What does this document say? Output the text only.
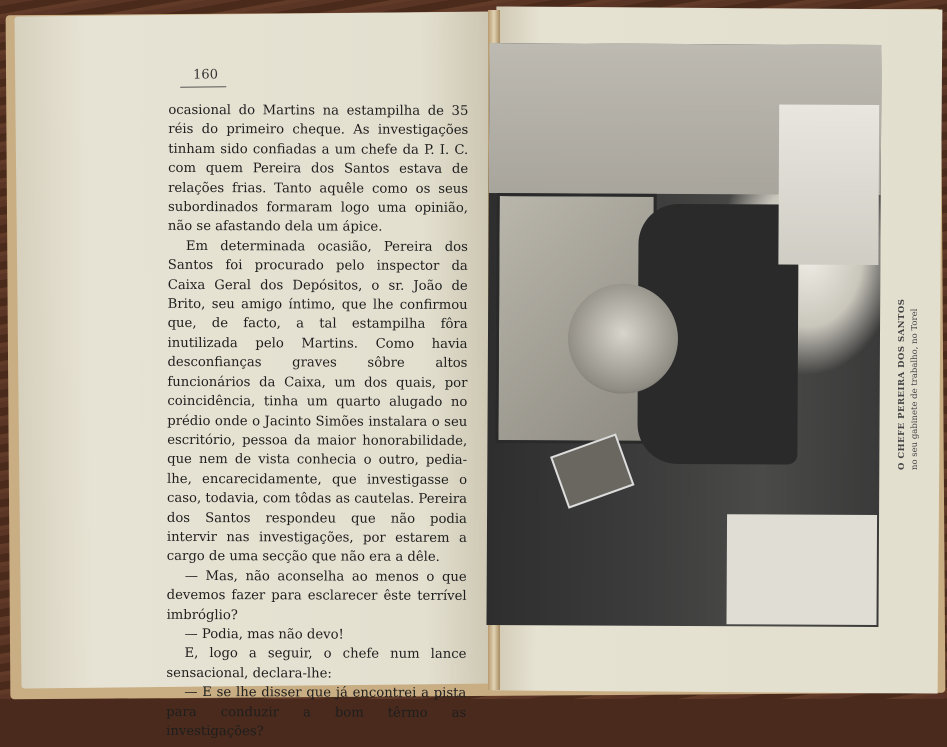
160

ocasional do Martins na estampilha de 35 réis do primeiro cheque. As investigações tinham sido confiadas a um chefe da P. I. C. com quem Pereira dos Santos estava de relações frias. Tanto aquêle como os seus subordinados formaram logo uma opinião, não se afastando dela um ápice.

Em determinada ocasião, Pereira dos Santos foi procurado pelo inspector da Caixa Geral dos Depósitos, o sr. João de Brito, seu amigo íntimo, que lhe confirmou que, de facto, a tal estampilha fôra inutilizada pelo Martins. Como havia desconfianças graves sôbre altos funcionários da Caixa, um dos quais, por coincidência, tinha um quarto alugado no prédio onde o Jacinto Simões instalara o seu escritório, pessoa da maior honorabilidade, que nem de vista conhecia o outro, pedia-lhe, encarecidamente, que investigasse o caso, todavia, com tôdas as cautelas. Pereira dos Santos respondeu que não podia intervir nas investigações, por estarem a cargo de uma secção que não era a dêle.

— Mas, não aconselha ao menos o que devemos fazer para esclarecer êste terrível imbróglio?

— Podia, mas não devo!

E, logo a seguir, o chefe num lance sensacional, declara-lhe:

— E se lhe disser que já encontrei a pista para conduzir a bom têrmo as investigações?

O CHEFE PEREIRA DOS SANTOS no seu gabinete de trabalho, no Torel
